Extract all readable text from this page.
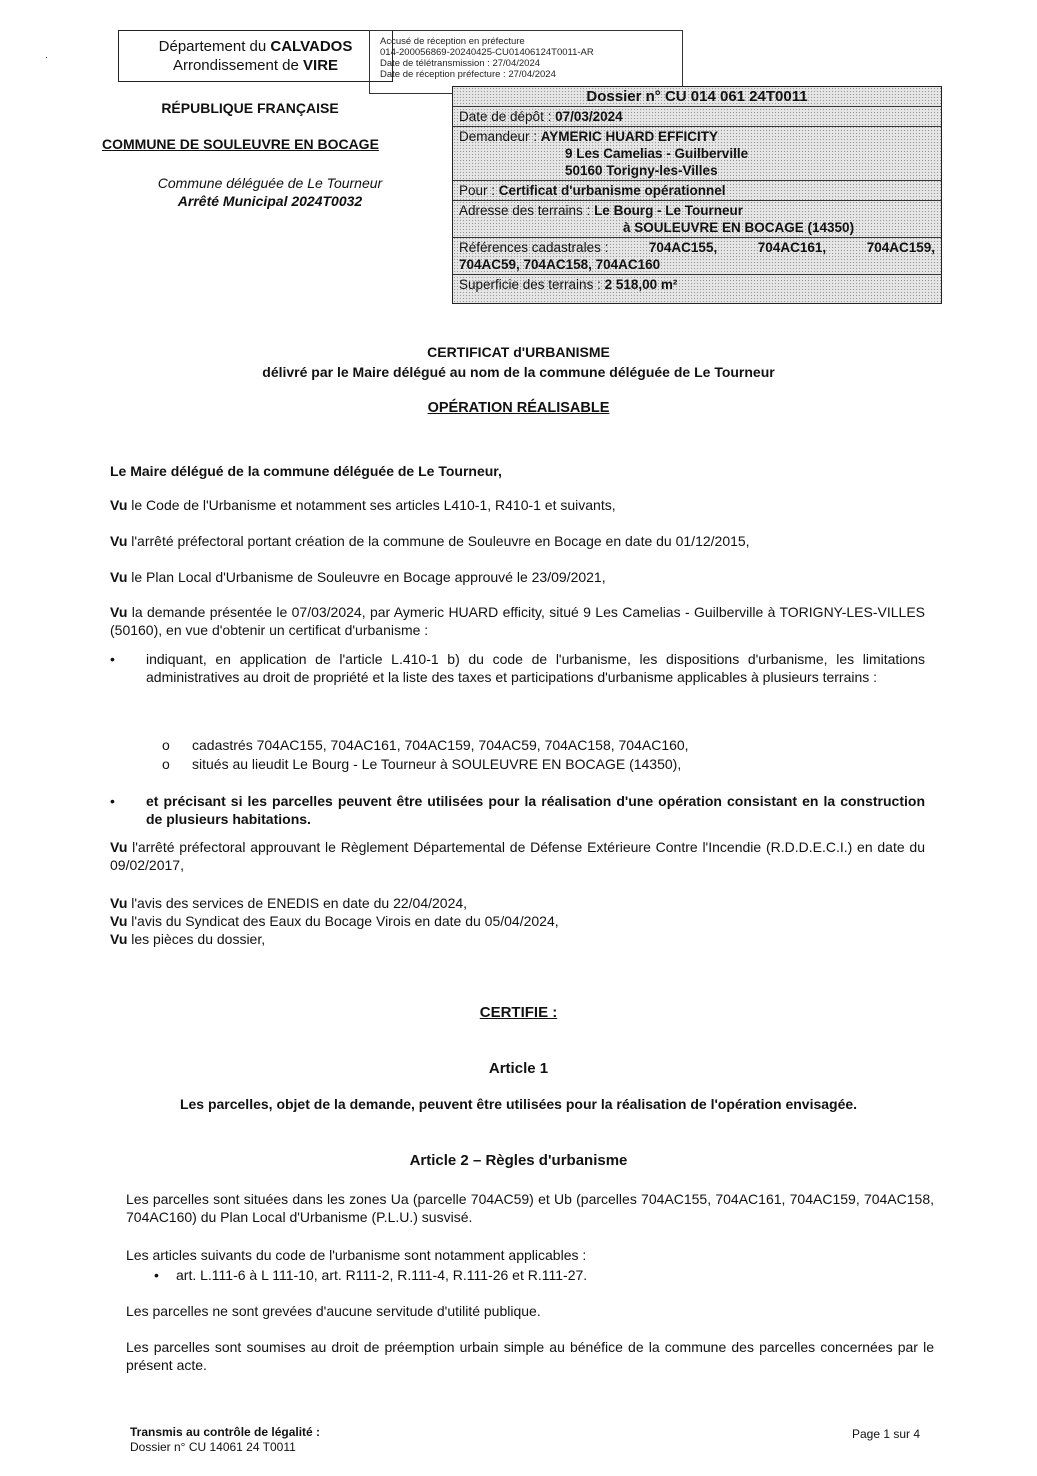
·
Département du CALVADOS
Arrondissement de VIRE
Accusé de réception en préfecture
014-200056869-20240425-CU01406124T0011-AR
Date de télétransmission : 27/04/2024
Date de réception préfecture : 27/04/2024
RÉPUBLIQUE FRANÇAISE
COMMUNE DE SOULEUVRE EN BOCAGE
Commune déléguée de Le Tourneur
Arrêté Municipal 2024T0032
Dossier n° CU 014 061 24T0011
Date de dépôt : 07/03/2024
Demandeur : AYMERIC HUARD EFFICITY
9 Les Camelias - Guilberville
50160 Torigny-les-Villes
Pour : Certificat d'urbanisme opérationnel
Adresse des terrains : Le Bourg - Le Tourneur
à SOULEUVRE EN BOCAGE (14350)
Références cadastrales :	704AC155,	704AC161,	704AC159,
704AC59, 704AC158, 704AC160
Superficie des terrains : 2 518,00 m²
CERTIFICAT d'URBANISME
délivré par le Maire délégué au nom de la commune déléguée de Le Tourneur
OPÉRATION RÉALISABLE

Le Maire délégué de la commune déléguée de Le Tourneur,

Vu le Code de l'Urbanisme et notamment ses articles L410-1, R410-1 et suivants,

Vu l'arrêté préfectoral portant création de la commune de Souleuvre en Bocage en date du 01/12/2015,

Vu le Plan Local d'Urbanisme de Souleuvre en Bocage approuvé le 23/09/2021,

Vu la demande présentée le 07/03/2024, par Aymeric HUARD efficity, situé 9 Les Camelias - Guilberville à TORIGNY-LES-VILLES (50160), en vue d'obtenir un certificat d'urbanisme :

•	indiquant, en application de l'article L.410-1 b) du code de l'urbanisme, les dispositions d'urbanisme, les limitations administratives au droit de propriété et la liste des taxes et participations d'urbanisme applicables à plusieurs terrains :

o	cadastrés 704AC155, 704AC161, 704AC159, 704AC59, 704AC158, 704AC160,

o	situés au lieudit Le Bourg - Le Tourneur à SOULEUVRE EN BOCAGE (14350),

•	et précisant si les parcelles peuvent être utilisées pour la réalisation d'une opération consistant en la construction de plusieurs habitations.

Vu l'arrêté préfectoral approuvant le Règlement Départemental de Défense Extérieure Contre l'Incendie (R.D.D.E.C.I.) en date du 09/02/2017,

Vu l'avis des services de ENEDIS en date du 22/04/2024,

Vu l'avis du Syndicat des Eaux du Bocage Virois en date du 05/04/2024,

Vu les pièces du dossier,

CERTIFIE :
Article 1
Les parcelles, objet de la demande, peuvent être utilisées pour la réalisation de l'opération envisagée.
Article 2 – Règles d'urbanisme

Les parcelles sont situées dans les zones Ua (parcelle 704AC59) et Ub (parcelles 704AC155, 704AC161, 704AC159, 704AC158, 704AC160) du Plan Local d'Urbanisme (P.L.U.) susvisé.

Les articles suivants du code de l'urbanisme sont notamment applicables :

•	art. L.111-6 à L 111-10, art. R111-2, R.111-4, R.111-26 et R.111-27.

Les parcelles ne sont grevées d'aucune servitude d'utilité publique.

Les parcelles sont soumises au droit de préemption urbain simple au bénéfice de la commune des parcelles concernées par le présent acte.

Transmis au contrôle de légalité :
Dossier n° CU 14061 24 T0011
Page 1 sur 4
